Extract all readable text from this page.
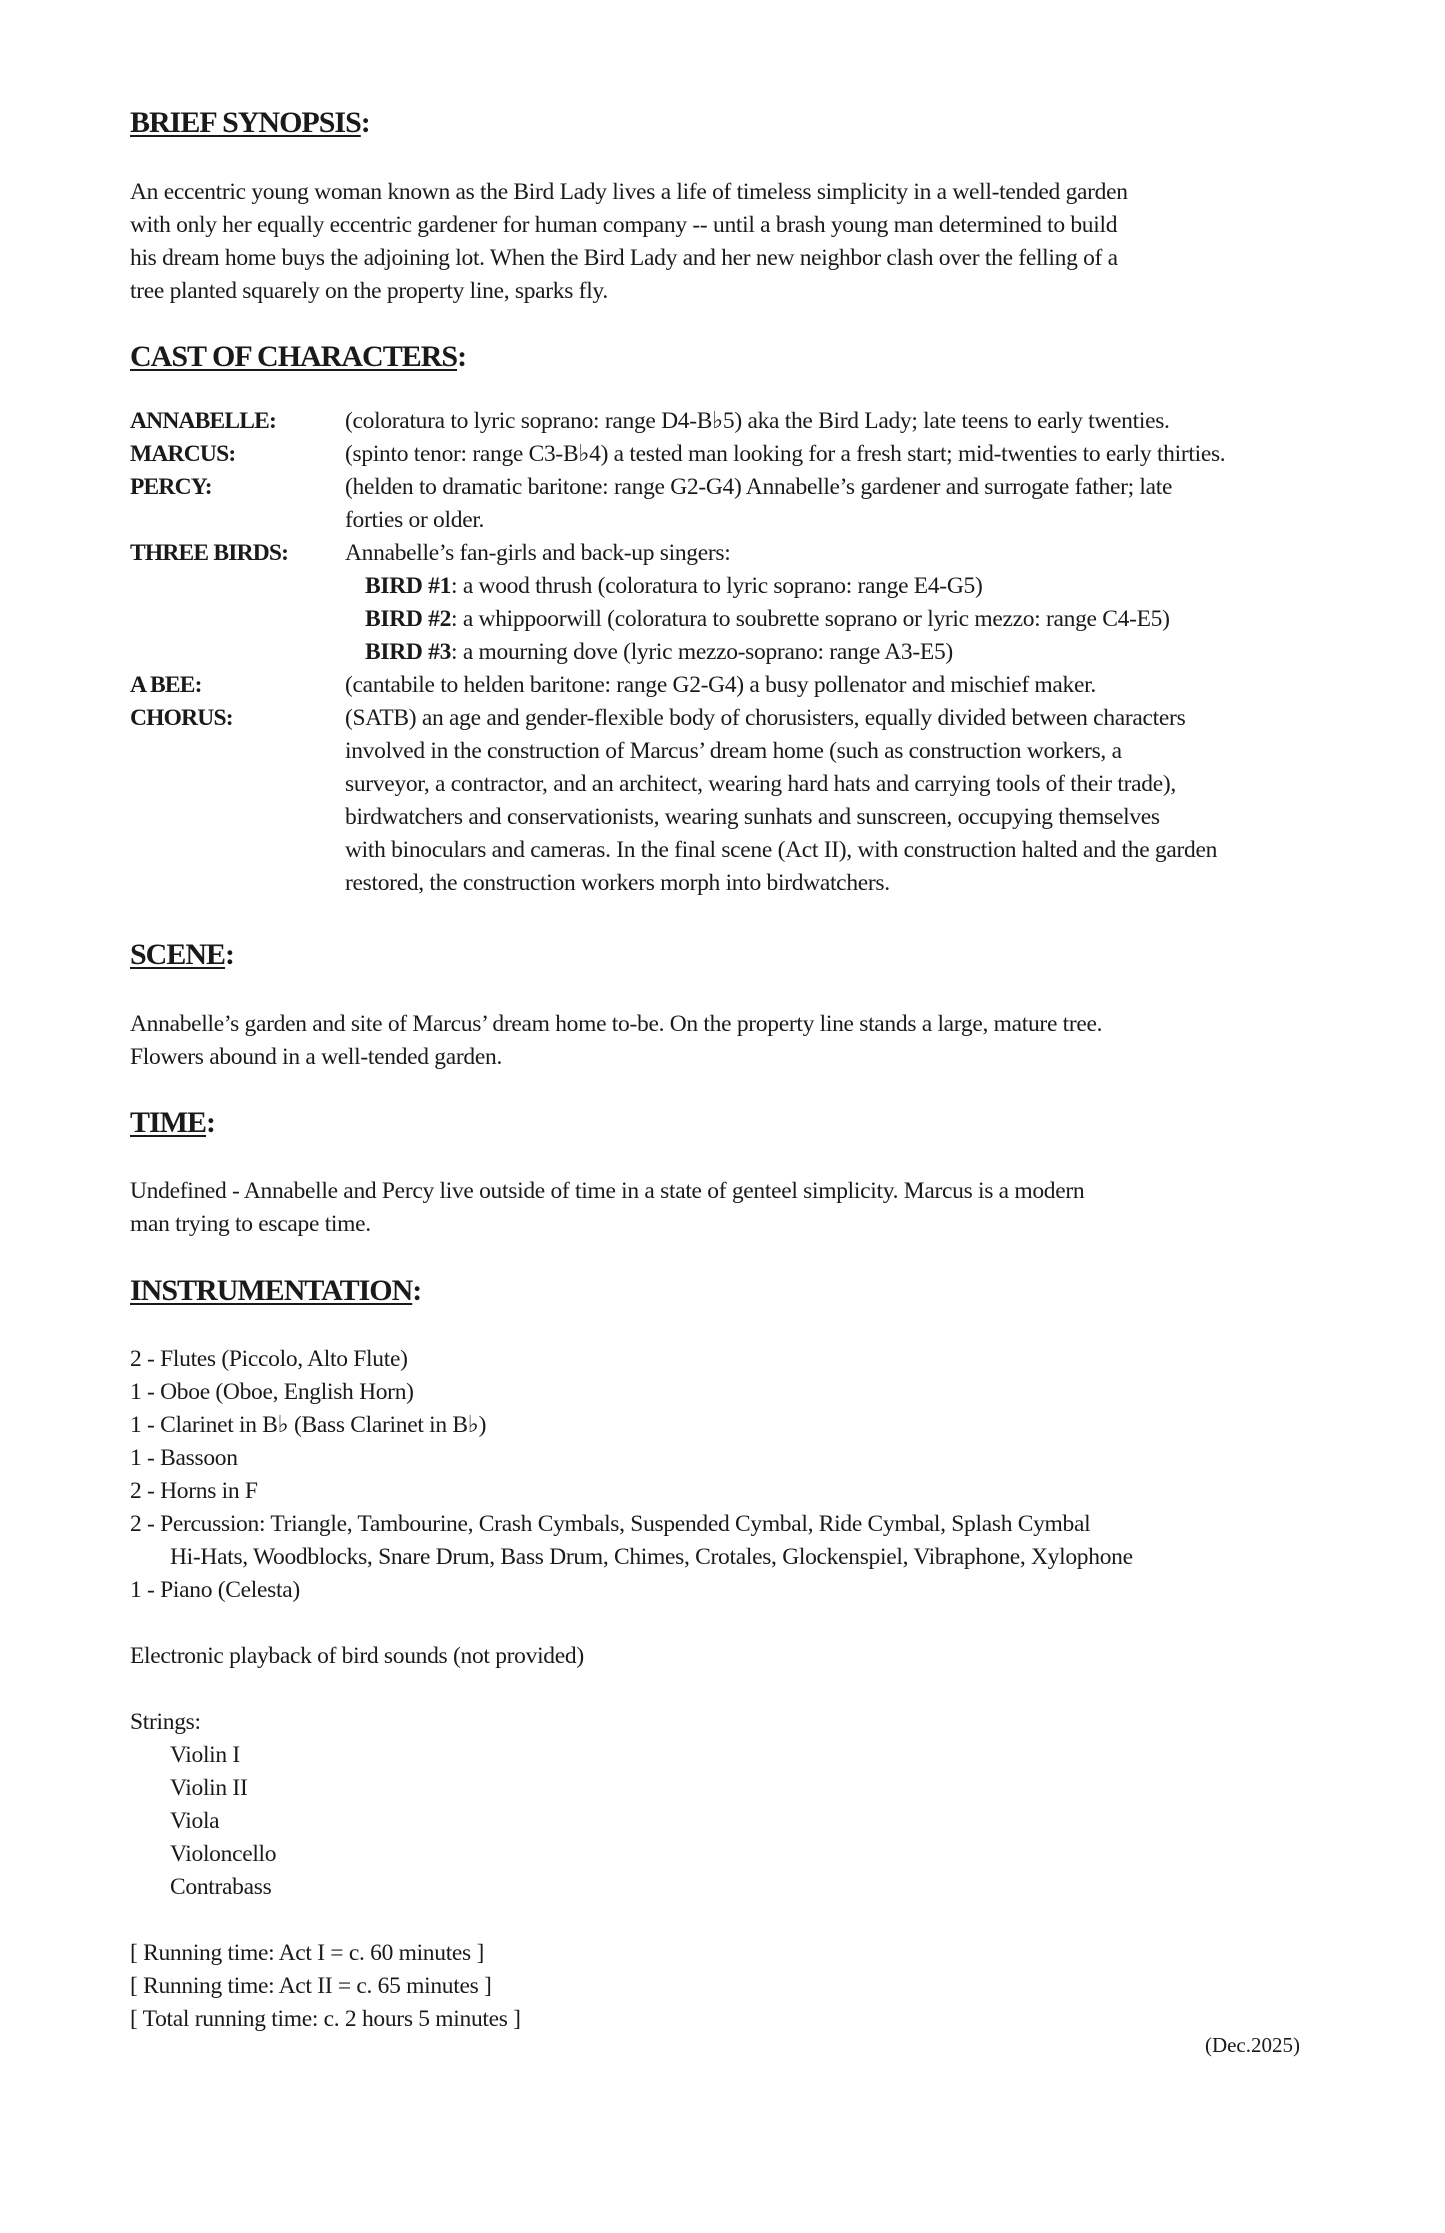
BRIEF SYNOPSIS:

An eccentric young woman known as the Bird Lady lives a life of timeless simplicity in a well-tended garden
with only her equally eccentric gardener for human company -- until a brash young man determined to build
his dream home buys the adjoining lot. When the Bird Lady and her new neighbor clash over the felling of a
tree planted squarely on the property line, sparks fly.

CAST OF CHARACTERS:
ANNABELLE:	(coloratura to lyric soprano: range D4-B♭5) aka the Bird Lady; late teens to early twenties.
MARCUS:	(spinto tenor: range C3-B♭4) a tested man looking for a fresh start; mid-twenties to early thirties.
PERCY:	(helden to dramatic baritone: range G2-G4) Annabelle’s gardener and surrogate father; late
forties or older.
THREE BIRDS: Annabelle’s fan-girls and back-up singers:
BIRD #1: a wood thrush (coloratura to lyric soprano: range E4-G5)
BIRD #2: a whippoorwill (coloratura to soubrette soprano or lyric mezzo: range C4-E5)
BIRD #3: a mourning dove (lyric mezzo-soprano: range A3-E5)
A BEE:	(cantabile to helden baritone: range G2-G4) a busy pollenator and mischief maker.
CHORUS:	(SATB) an age and gender-flexible body of chorusisters, equally divided between characters
involved in the construction of Marcus’ dream home (such as construction workers, a
surveyor, a contractor, and an architect, wearing hard hats and carrying tools of their trade),
birdwatchers and conservationists, wearing sunhats and sunscreen, occupying themselves
with binoculars and cameras. In the final scene (Act II), with construction halted and the garden
restored, the construction workers morph into birdwatchers.
SCENE:

Annabelle’s garden and site of Marcus’ dream home to-be. On the property line stands a large, mature tree.
Flowers abound in a well-tended garden.

TIME:

Undefined - Annabelle and Percy live outside of time in a state of genteel simplicity. Marcus is a modern
man trying to escape time.

INSTRUMENTATION:
2 - Flutes (Piccolo, Alto Flute)
1 - Oboe (Oboe, English Horn)
1 - Clarinet in B♭ (Bass Clarinet in B♭)
1 - Bassoon
2 - Horns in F
2 - Percussion: Triangle, Tambourine, Crash Cymbals, Suspended Cymbal, Ride Cymbal, Splash Cymbal
Hi-Hats, Woodblocks, Snare Drum, Bass Drum, Chimes, Crotales, Glockenspiel, Vibraphone, Xylophone
1 - Piano (Celesta)

Electronic playback of bird sounds (not provided)

Strings:
Violin I
Violin II
Viola
Violoncello
Contrabass
[ Running time: Act I = c. 60 minutes ]
[ Running time: Act II = c. 65 minutes ]
[ Total running time: c. 2 hours 5 minutes ]
(Dec.2025)
